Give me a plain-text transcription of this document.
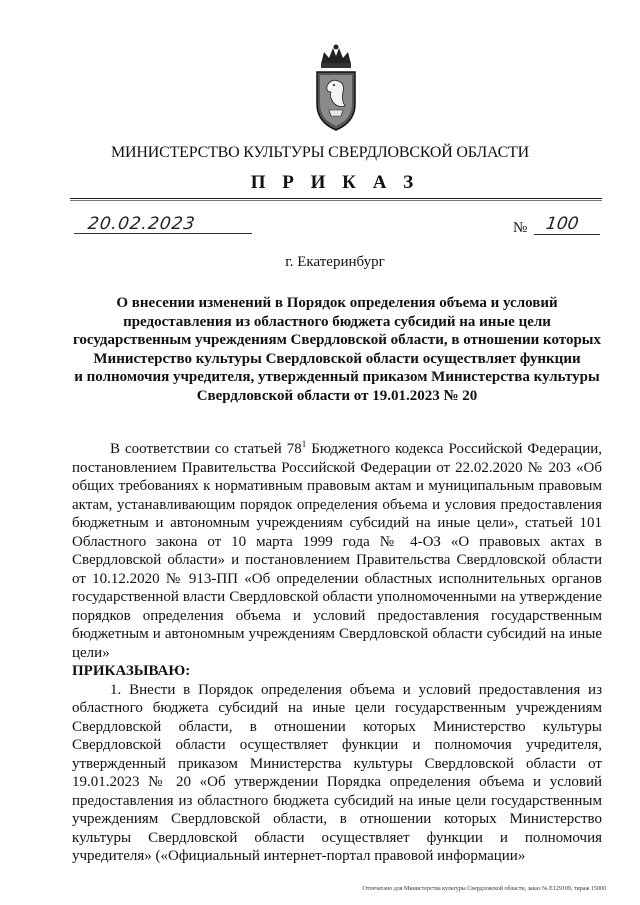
МИНИСТЕРСТВО КУЛЬТУРЫ СВЕРДЛОВСКОЙ ОБЛАСТИ
П Р И К А З
20.02.2023	№ 100
г. Екатеринбург
О внесении изменений в Порядок определения объема и условий
предоставления из областного бюджета субсидий на иные цели
государственным учреждениям Свердловской области, в отношении которых
Министерство культуры Свердловской области осуществляет функции
и полномочия учредителя, утвержденный приказом Министерства культуры
Свердловской области от 19.01.2023 № 20

В соответствии со статьей $78^1$ Бюджетного кодекса Российской Федерации, постановлением Правительства Российской Федерации от 22.02.2020 № 203 «Об общих требованиях к нормативным правовым актам и муниципальным правовым актам, устанавливающим порядок определения объема и условия предоставления бюджетным и автономным учреждениям субсидий на иные цели», статьей 101 Областного закона от 10 марта 1999 года № 4-ОЗ «О правовых актах в Свердловской области» и постановлением Правительства Свердловской области от 10.12.2020 № 913-ПП «Об определении областных исполнительных органов государственной власти Свердловской области уполномоченными на утверждение порядков определения объема и условий предоставления государственным бюджетным и автономным учреждениям Свердловской области субсидий на иные цели»

ПРИКАЗЫВАЮ:

1. Внести в Порядок определения объема и условий предоставления из областного бюджета субсидий на иные цели государственным учреждениям Свердловской области, в отношении которых Министерство культуры Свердловской области осуществляет функции и полномочия учредителя, утвержденный приказом Министерства культуры Свердловской области от 19.01.2023 № 20 «Об утверждении Порядка определения объема и условий предоставления из областного бюджета субсидий на иные цели государственным учреждениям Свердловской области, в отношении которых Министерство культуры Свердловской области осуществляет функции и полномочия учредителя» («Официальный интернет-портал правовой информации»

Отпечатано для Министерства культуры Свердловской области, заказ № Е129109, тираж 15000
